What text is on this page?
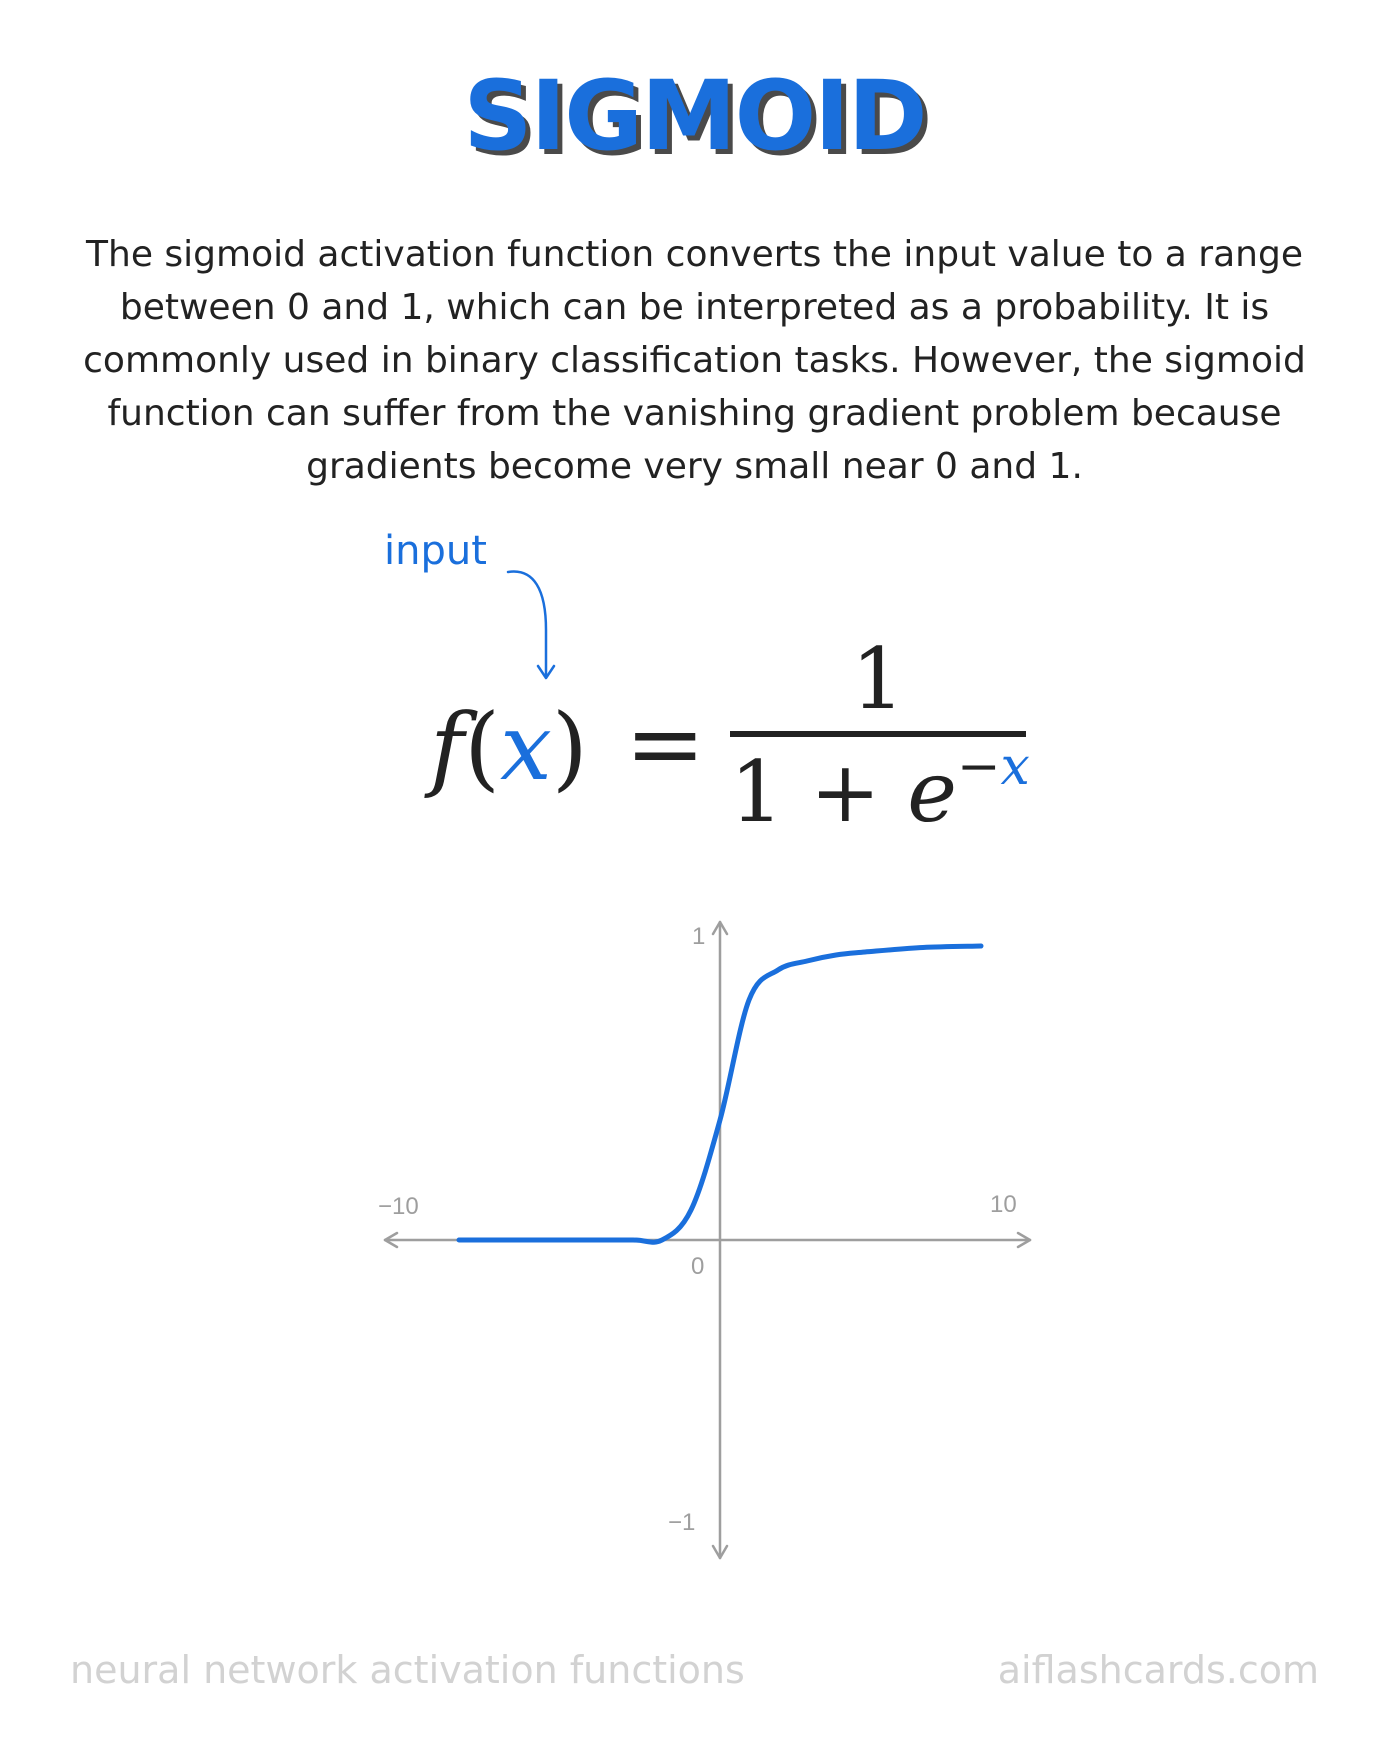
SIGMOID
The sigmoid activation function converts the input value to a range between 0 and 1, which can be interpreted as a probability. It is commonly used in binary classification tasks. However, the sigmoid function can suffer from the vanishing gradient problem because gradients become very small near 0 and 1.
input
f(x) =
1
$1 + e^{-x}$
−10	10
0
1
−1
neural network activation functions	aiflashcards.com
